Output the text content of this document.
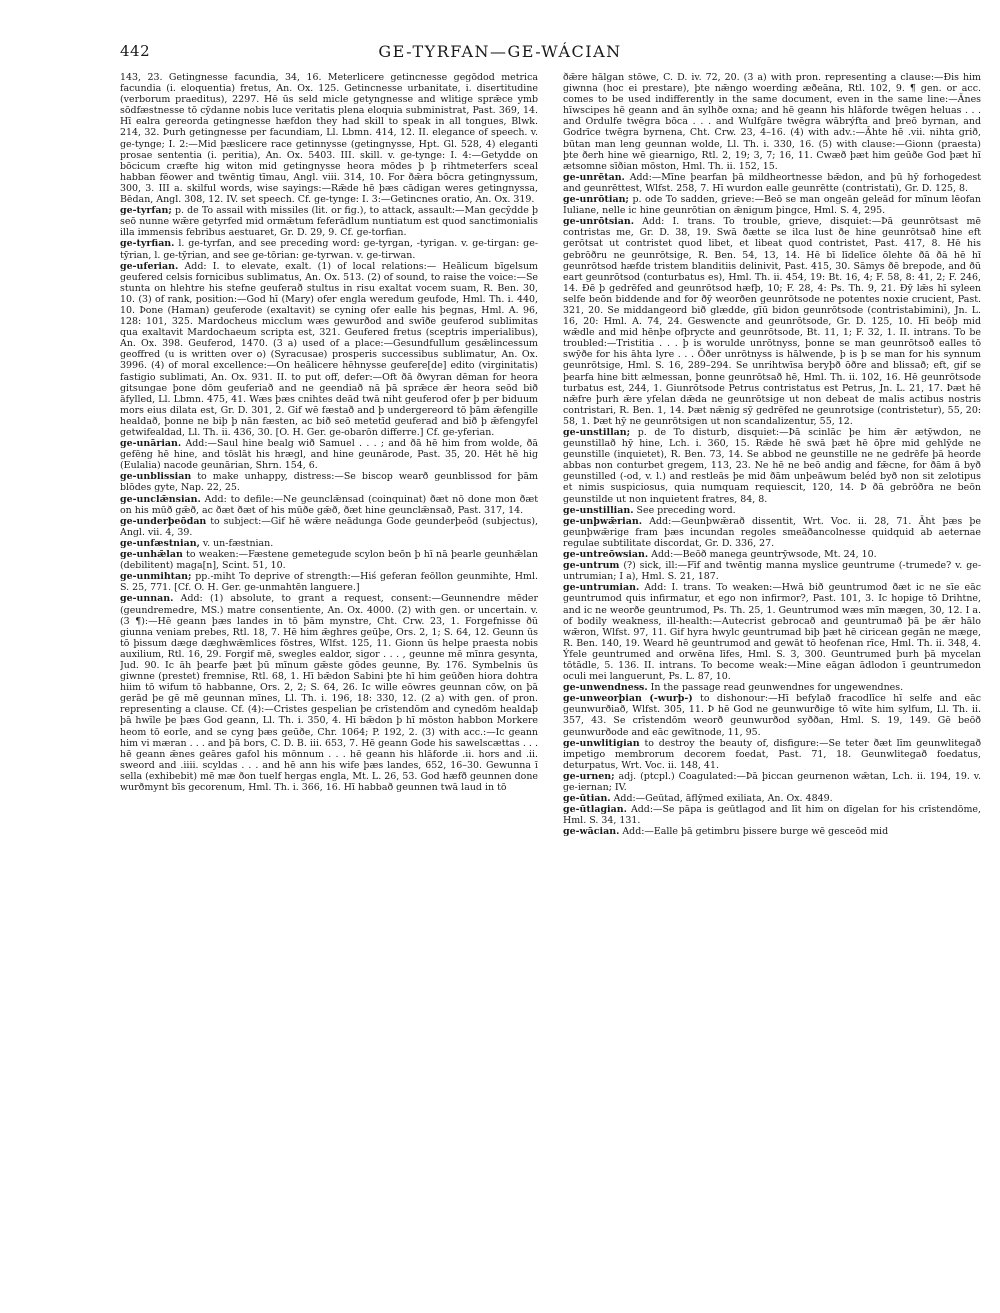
442	GE-TYRFAN—GE-WÁCIAN

143, 23. Getingnesse facundia, 34, 16. Meterlicere getincnesse gegōdod metrica facundia (i. eloquentia) fretus, An. Ox. 125. Getincnesse urbanitate, i. disertitudine (verborum praeditus), 2297. Hē ūs seld micle getyngnesse and wlitige sprǣce ymb sōdfæstnesse tō cȳdanne nobis luce veritatis plena eloquia subministrat, Past. 369, 14. Hī ealra gereorda getingnesse hæfdon they had skill to speak in all tongues, Blwk. 214, 32. Þurh getingnesse per facundiam, Ll. Lbmn. 414, 12. II. elegance of speech. v. ge-tynge; I. 2:—Mid þæslicere race getinnysse (getingnysse, Hpt. Gl. 528, 4) eleganti prosae sententia (i. peritia), An. Ox. 5403. III. skill. v. ge-tynge: I. 4:—Getydde on bōcicum cræfte hig witon mid getingnysse heora mōdes þ þ rihtmeterfers sceal habban fēower and twēntig tīmau, Angl. viii. 314, 10. For ðǣra bōcra getingnyssum, 300, 3. III a. skilful words, wise sayings:—Rǣde hē þæs cādigan weres getingnyssa, Bēdan, Angl. 308, 12. IV. set speech. Cf. ge-tynge: I. 3:—Getincnes oratio, An. Ox. 319.

ge-tyrfan; p. de To assail with missiles (lit. or fig.), to attack, assault:—Man gecȳdde þ seō nunne wǣre getyrfed mid ormǣtum feferādlum nuntiatum est quod sanctimonialis illa immensis febribus aestuaret, Gr. D. 29, 9. Cf. ge-torfian.

ge-tyrfian. l. ge-tyrfan, and see preceding word: ge-tyrgan, -tyrigan. v. ge-tirgan: ge-tȳrian, l. ge-tȳrian, and see ge-tōrian: ge-tyrwan. v. ge-tirwan.

ge-uferian. Add: I. to elevate, exalt. (1) of local relations:— Heālicum bīgelsum geufered celsis fornicibus sublimatus, An. Ox. 513. (2) of sound, to raise the voice:—Se stunta on hlehtre his stefne geuferað stultus in risu exaltat vocem suam, R. Ben. 30, 10. (3) of rank, position:—God hī (Mary) ofer engla weredum geufode, Hml. Th. i. 440, 10. Þone (Haman) geuferode (exaltavit) se cyning ofer ealle his þegnas, Hml. A. 96, 128: 101, 325. Mardocheus micclum wæs gewurðod and swīðe geuferod sublimitas qua exaltavit Mardochaeum scripta est, 321. Geufered fretus (sceptris imperialibus), An. Ox. 398. Geuferod, 1470. (3 a) used of a place:—Gesundfullum gesǣlincessum geoffred (u is written over o) (Syracusae) prosperis successibus sublimatur, An. Ox. 3996. (4) of moral excellence:—On heālicere hēhnysse geufere[de] edito (virginitatis) fastigio sublimati, An. Ox. 931. II. to put off, defer:—Oft ðā ðwyran dēman for heora gitsungae þone dōm geuferiað and ne geendiað nā þā sprǣce ǣr heora seōd bið āfylled, Ll. Lbmn. 475, 41. Wæs þæs cnihtes deād twā niht geuferod ofer þ per biduum mors eius dilata est, Gr. D. 301, 2. Gif wē fæstað and þ undergereord tō þām ǣfengille healdað, þonne ne biþ þ nān fæsten, ac bið seō metetīd geuferad and bið þ ǣfengyfel getwifealdad, Ll. Th. ii. 436, 30. [O. H. Ger. ge-obarōn differre.] Cf. ge-yferian.

ge-unārian. Add:—Saul hine bealg wið Samuel . . . ; and ðā hē him from wolde, ðā gefēng hē hine, and tōslāt his hrægl, and hine geunārode, Past. 35, 20. Hēt hē hig (Eulalia) nacode geunārian, Shrn. 154, 6.

ge-unblissian to make unhappy, distress:—Se biscop wearð geunblissod for þām blōdes gyte, Nap. 22, 25.

ge-unclǣnsian. Add: to defile:—Ne geunclǣnsad (coinquinat) ðæt nō done mon ðæt on his mūð gǣð, ac ðæt ðæt of his mūðe gǣð, ðæt hine geunclǣnsað, Past. 317, 14.

ge-underþeōdan to subject:—Gif hē wǣre neādunga Gode geunderþeōd (subjectus), Angl. vii. 4, 39.

ge-unfæstnian, v. un-fæstnian.

ge-unhǣlan to weaken:—Fæstene gemetegude scylon beōn þ hī nā þearle geunhǣlan (debilitent) maga[n], Scint. 51, 10.

ge-unmihtan; pp.-miht To deprive of strength:—Hiś geferan feōllon geunmihte, Hml. S. 25, 771. [Cf. O. H. Ger. ge-unmahtēn languere.]

ge-unnan. Add: (1) absolute, to grant a request, consent:—Geunnendre mēder (geundremedre, MS.) matre consentiente, An. Ox. 4000. (2) with gen. or uncertain. v. (3 ¶):—Hē geann þæs landes in tō þām mynstre, Cht. Crw. 23, 1. Forgefnisse ðū giunna veniam prebes, Rtl. 18, 7. Hē him ǣghres geūþe, Ors. 2, 1; S. 64, 12. Geunn ūs tō þissum dæge dæghwǣmlices fōstres, Wlfst. 125, 11. Gionn ūs helpe praesta nobis auxilium, Rtl. 16, 29. Forgif mē, swegles ealdor, sigor . . . , geunne mē mīnra gesynta, Jud. 90. Ic āh þearfe þæt þū mīnum gǣste gōdes geunne, By. 176. Symbelnis ūs giwnne (prestet) fremnise, Rtl. 68, 1. Hī bǣdon Sabini þte hī him geūðen hiora dohtra hiim tō wifum tō habbanne, Ors. 2, 2; S. 64, 26. Ic wille eōwres geunnan cōw, on þā gerād þe gē mē geunnan mīnes, Ll. Th. i. 196, 18: 330, 12. (2 a) with gen. of pron. representing a clause. Cf. (4):—Cristes gespelian þe crīstendōm and cynedōm healdaþ þā hwīle þe þæs God geann, Ll. Th. i. 350, 4. Hī bǣdon þ hī mōston habbon Morkere heom tō eorle, and se cyng þæs geūðe, Chr. 1064; P. 192, 2. (3) with acc.:—Ic geann him vi mæran . . . and þā bors, C. D. B. iii. 653, 7. Hē geann Gode his sawelscættas . . . hē geann ǣnes geāres gafol his mōnnum . . . hē geann his hlāforde .ii. hors and .ii. sweord and .iiii. scyldas . . . and hē ann his wife þæs landes, 652, 16–30. Gewunna ī sella (exhibebit) mē mæ ðon tuelf hergas engla, Mt. L. 26, 53. God hæfð geunnen done wurðmynt bīs gecorenum, Hml. Th. i. 366, 16. Hī habbað geunnen twā laud in tō

ðǣre hālgan stōwe, C. D. iv. 72, 20. (3 a) with pron. representing a clause:—Ðis him giwnna (hoc ei prestare), þte nǣngo woerding æðeāna, Rtl. 102, 9. ¶ gen. or acc. comes to be used indifferently in the same document, even in the same line:—Ānes hīwscipes hē geann and ān sylhðe oxna; and hē geann his hlāforde twēgen heluas . . . and Ordulfe twēgra bōca . . . and Wulfgāre twēgra wābrýfta and þreō byrnan, and Godrīce twēgra byrnena, Cht. Crw. 23, 4–16. (4) with adv.:—Āhte hē .vii. nihta grið, būtan man leng geunnan wolde, Ll. Th. i. 330, 16. (5) with clause:—Gionn (praesta) þte ðerh hine wē giearnigo, Rtl. 2, 19; 3, 7; 16, 11. Cwæð þæt him geūðe God þæt hī ætsomne sīðian mōston, Hml. Th. ii. 152, 15.

ge-unrētan. Add:—Mīne þearfan þā mildheortnesse bǣdon, and þū hȳ forhogedest and geunrēttest, Wlfst. 258, 7. Hī wurdon ealle geunrētte (contristati), Gr. D. 125, 8.

ge-unrōtian; p. ode To sadden, grieve:—Beō se man ongeān geleād for mīnum lēofan Iuliane, nelle ic hine geunrōtian on ǣnigum þingce, Hml. S. 4, 295.

ge-unrōtsian. Add: I. trans. To trouble, grieve, disquiet:—Þā geunrōtsast mē contristas me, Gr. D. 38, 19. Swā ðætte se ilca lust ðe hine geunrōtsað hine eft gerōtsat ut contristet quod libet, et libeat quod contristet, Past. 417, 8. Hē his gebrōðru ne geunrōtsige, R. Ben. 54, 13, 14. Hē bī līdelīce ōlehte ðā ðā hē hī geunrōtsod hæfde tristem blanditiis delinivit, Past. 415, 30. Sāmys ðē brepode, and ðū eart geunrōtsod (conturbatus es), Hml. Th. ii. 454, 19: Bt. 16, 4; F. 58, 8: 41, 2; F. 246, 14. Ðē þ gedrēfed and geunrōtsod hæfþ, 10; F. 28, 4: Ps. Th. 9, 21. Ðȳ lǣs hī syleen selfe beōn biddende and for ðȳ weorðen geunrōtsode ne potentes noxie crucient, Past. 321, 20. Se middangeord bið glædde, gīū bidon geunrōtsode (contristabimini), Jn. L. 16, 20: Hml. A. 74, 24. Geswencte and geunrōtsode, Gr. D. 125, 10. Hī beōþ mid wǣdle and mid hēnþe ofþrycte and geunrōtsode, Bt. 11, 1; F. 32, 1. II. intrans. To be troubled:—Tristitia . . . þ is worulde unrōtnyss, þonne se man geunrōtsoð ealles tō swȳðe for his āhta lyre . . . Ōðer unrōtnyss is hālwende, þ is þ se man for his synnum geunrōtsige, Hml. S. 16, 289–294. Se unrihtwīsa beryþð ōðre and blissað; eft, gif se þearfa hine bitt ælmessan, þonne geunrōtsað hē, Hml. Th. ii. 102, 16. Hē geunrōtsode turbatus est, 244, 1. Giunrōtsode Petrus contristatus est Petrus, Jn. L. 21, 17. Þæt hē nǣfre þurh ǣre yfelan dǣda ne geunrōtsige ut non debeat de malis actibus nostris contristari, R. Ben. 1, 14. Þæt nǣnig sȳ gedrēfed ne geunrotsige (contristetur), 55, 20: 58, 1. Þæt hȳ ne geunrōtsigen ut non scandalizentur, 55, 12.

ge-unstillan; p. de To disturb, disquiet:—Þā scinlāc þe him ǣr ætȳwdon, ne geunstillað hȳ hine, Lch. i. 360, 15. Rǣde hē swā þæt hē ōþre mid gehlȳde ne geunstille (inquietet), R. Ben. 73, 14. Se abbod ne geunstille ne ne gedrēfe þā heorde abbas non conturbet gregem, 113, 23. Ne hē ne beō andig and fǣcne, for ðām ā byð geunstilled (-od, v. l.) and restleās þe mid ðām unþeāwum beléd byð non sit zelotipus et nimis suspiciosus, quia numquam requiescit, 120, 14. Þ ðā gebrōðra ne beōn geunstilde ut non inquietent fratres, 84, 8.

ge-unstillian. See preceding word.

ge-unþwǣrian. Add:—Geunþwǣrað dissentit, Wrt. Voc. ii. 28, 71. Āht þæs þe geunþwǣrige fram þæs incundan regoles smeāðancolnesse quidquid ab aeternae regulae subtilitate discordat, Gr. D. 336, 27.

ge-untreōwsian. Add:—Beōð manega geuntrȳwsode, Mt. 24, 10.

ge-untrum (?) sick, ill:—Fīf and twēntig manna myslice geuntrume (-trumede? v. ge-untrumian; I a), Hml. S. 21, 187.

ge-untrumian. Add: I. trans. To weaken:—Hwā bið geuntrumod ðæt ic ne sīe eāc geuntrumod quis infirmatur, et ego non infirmor?, Past. 101, 3. Ic hopige tō Drihtne, and ic ne weorðe geuntrumod, Ps. Th. 25, 1. Geuntrumod wæs mīn mægen, 30, 12. I a. of bodily weakness, ill-health:—Autecrist gebrocað and geuntrumað þā þe ǣr hālo wǣron, Wlfst. 97, 11. Gif hyra hwylc geuntrumad biþ þæt hē ciricean gegān ne mæge, R. Ben. 140, 19. Weard hē geuntrumod and gewāt tō heofenan rīce, Hml. Th. ii. 348, 4. Ýfele geuntrumed and orwēna līfes, Hml. S. 3, 300. Geuntrumed þurh þā mycelan tōtādle, 5. 136. II. intrans. To become weak:—Mine eāgan ādlodon ī geuntrumedon oculi mei languerunt, Ps. L. 87, 10.

ge-unwendness. In the passage read geunwendnes for ungewendnes.

ge-unweorþian (-wurþ-) to dishonour:—Hī befylað fracodlīce hī selfe and eāc geunwurðiað, Wlfst. 305, 11. Þ hē God ne geunwurðige tō wīte him sylfum, Ll. Th. ii. 357, 43. Se crīstendōm weorð geunwurðod syððan, Hml. S. 19, 149. Gē beōð geunwurðode and eāc gewītnode, 11, 95.

ge-unwlitigian to destroy the beauty of, disfigure:—Se teter ðæt līm geunwlitegað impetigo membrorum decorem foedat, Past. 71, 18. Geunwlitegað foedatus, deturpatus, Wrt. Voc. ii. 148, 41.

ge-urnen; adj. (ptcpl.) Coagulated:—Þā þiccan geurnenon wǣtan, Lch. ii. 194, 19. v. ge-iernan; IV.

ge-ūtian. Add:—Geūtad, āflȳmed exiliata, An. Ox. 4849.

ge-ūtlagian. Add:—Se pāpa is geūtlagod and līt him on dīgelan for his crīstendōme, Hml. S. 34, 131.

ge-wācian. Add:—Ealle þā getimbru þissere burge wē gesceōd mid
